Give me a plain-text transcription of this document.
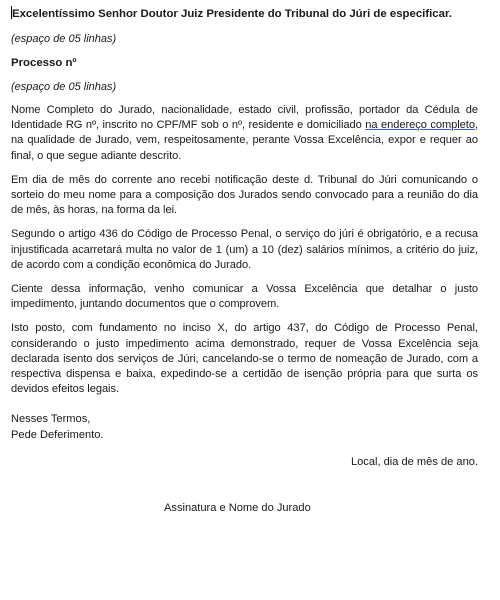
Excelentíssimo Senhor Doutor Juiz Presidente do Tribunal do Júri de especificar.

(espaço de 05 linhas)

Processo nº

(espaço de 05 linhas)

Nome Completo do Jurado, nacionalidade, estado civil, profissão, portador da Cédula de Identidade RG nº, inscrito no CPF/MF sob o nº, residente e domiciliado na endereço completo, na qualidade de Jurado, vem, respeitosamente, perante Vossa Excelência, expor e requer ao final, o que segue adiante descrito.

Em dia de mês do corrente ano recebi notificação deste d. Tribunal do Júri comunicando o sorteio do meu nome para a composição dos Jurados sendo convocado para a reunião do dia de mês, às horas, na forma da lei.

Segundo o artigo 436 do Código de Processo Penal, o serviço do júri é obrigatório, e a recusa injustificada acarretará multa no valor de 1 (um) a 10 (dez) salários mínimos, a critério do juiz, de acordo com a condição econômica do Jurado.

Ciente dessa informação, venho comunicar a Vossa Excelência que detalhar o justo impedimento, juntando documentos que o comprovem.

Isto posto, com fundamento no inciso X, do artigo 437, do Código de Processo Penal, considerando o justo impedimento acima demonstrado, requer de Vossa Excelência seja declarada isento dos serviços de Júri, cancelando-se o termo de nomeação de Jurado, com a respectiva dispensa e baixa, expedindo-se a certidão de isenção própria para que surta os devidos efeitos legais.

Nesses Termos,
Pede Deferimento.

Local, dia de mês de ano.

Assinatura e Nome do Jurado
